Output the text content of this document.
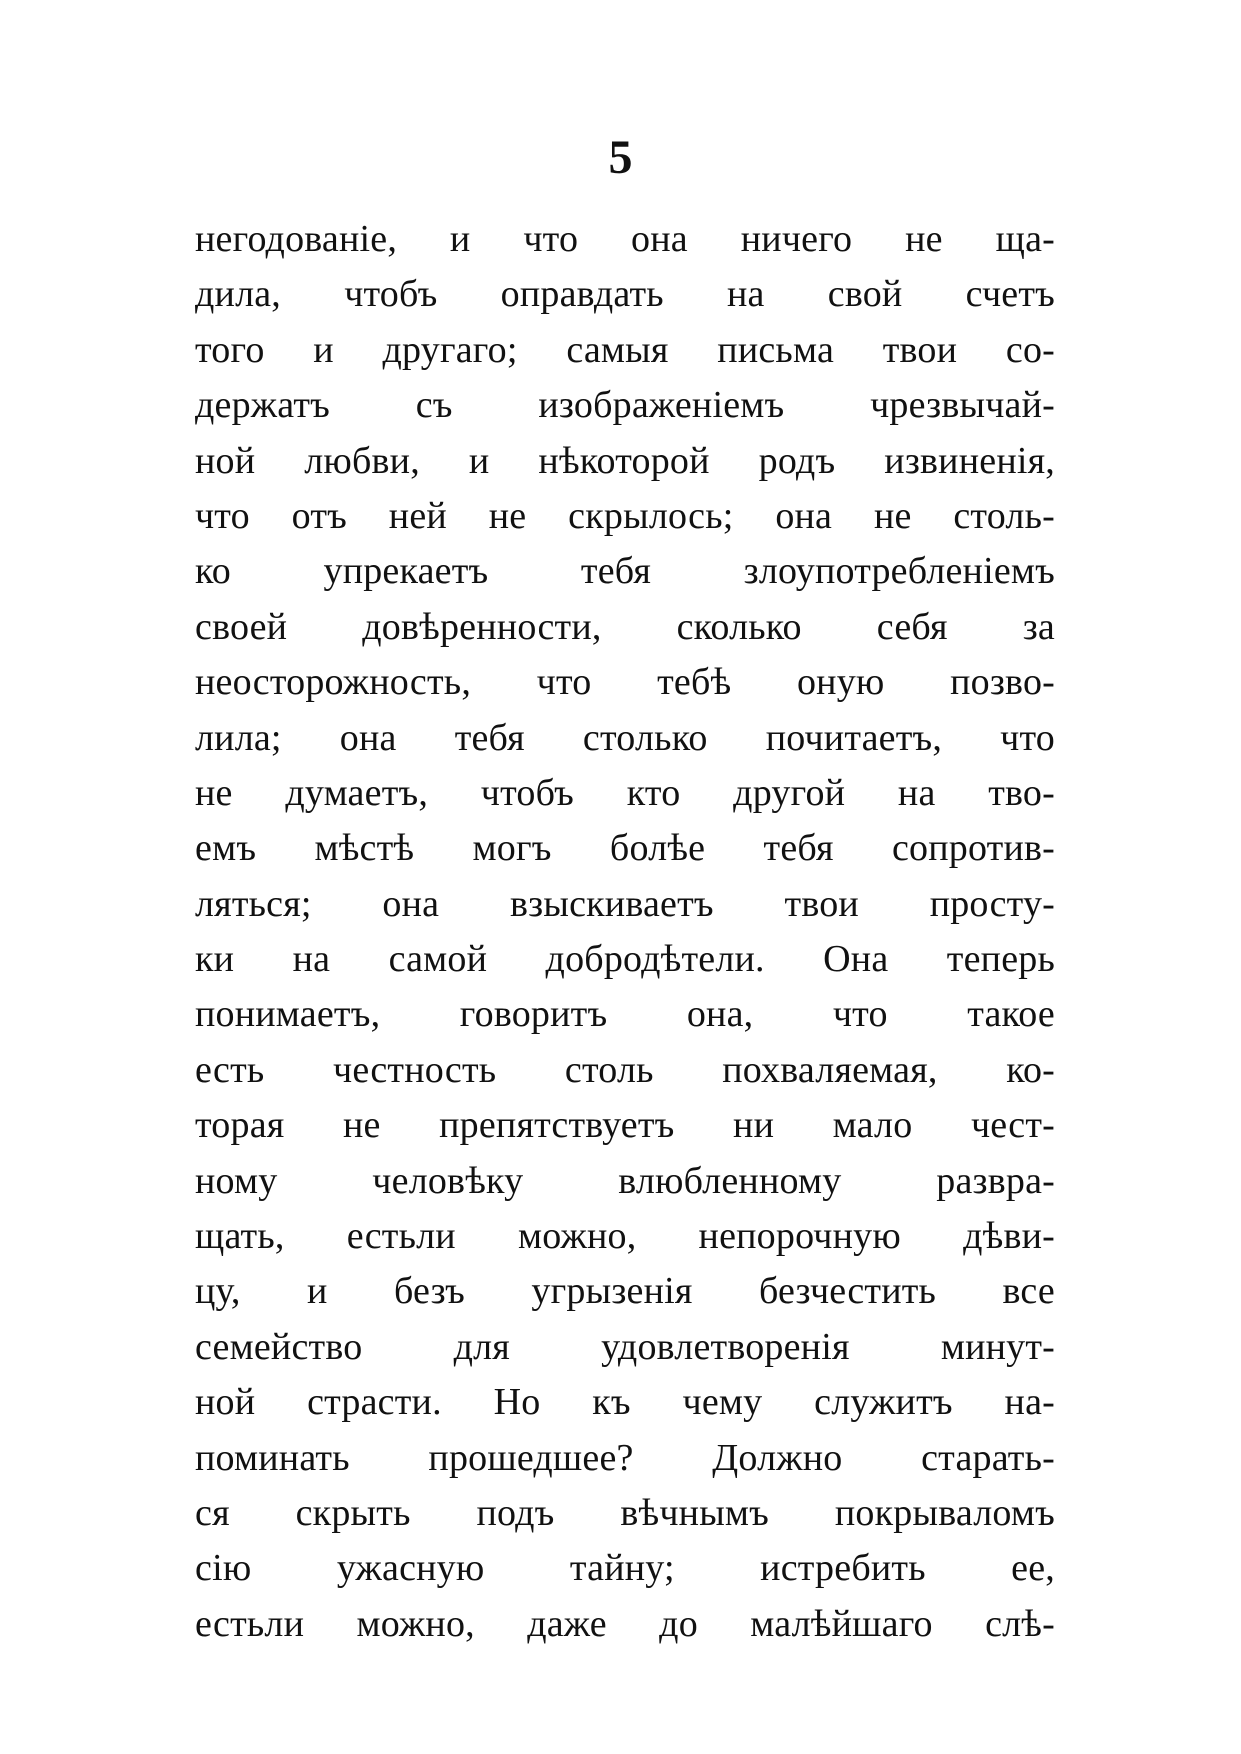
5
негодованіе, и что она ничего не ща-
дила, чтобъ оправдать на свой счетъ
того и другаго; самыя письма твои со-
держатъ съ изображеніемъ чрезвычай-
ной любви, и нѣкоторой родъ извиненія,
что отъ ней не скрылось; она не столь-
ко упрекаетъ тебя злоупотребленіемъ
своей довѣренности, сколько себя за
неосторожность, что тебѣ оную позво-
лила; она тебя столько почитаетъ, что
не думаетъ, чтобъ кто другой на тво-
емъ мѣстѣ могъ болѣе тебя сопротив-
ляться; она взыскиваетъ твои просту-
ки на самой добродѣтели. Она теперь
понимаетъ, говоритъ она, что такое
есть честность столь похваляемая, ко-
торая не препятствуетъ ни мало чест-
ному человѣку влюбленному развра-
щать, естьли можно, непорочную дѣви-
цу, и безъ угрызенія безчестить все
семейство для удовлетворенія минут-
ной страсти. Но къ чему служитъ на-
поминать прошедшее? Должно старать-
ся скрыть подъ вѣчнымъ покрываломъ
сію ужасную тайну; истребить ее,
естьли можно, даже до малѣйшаго слѣ-
